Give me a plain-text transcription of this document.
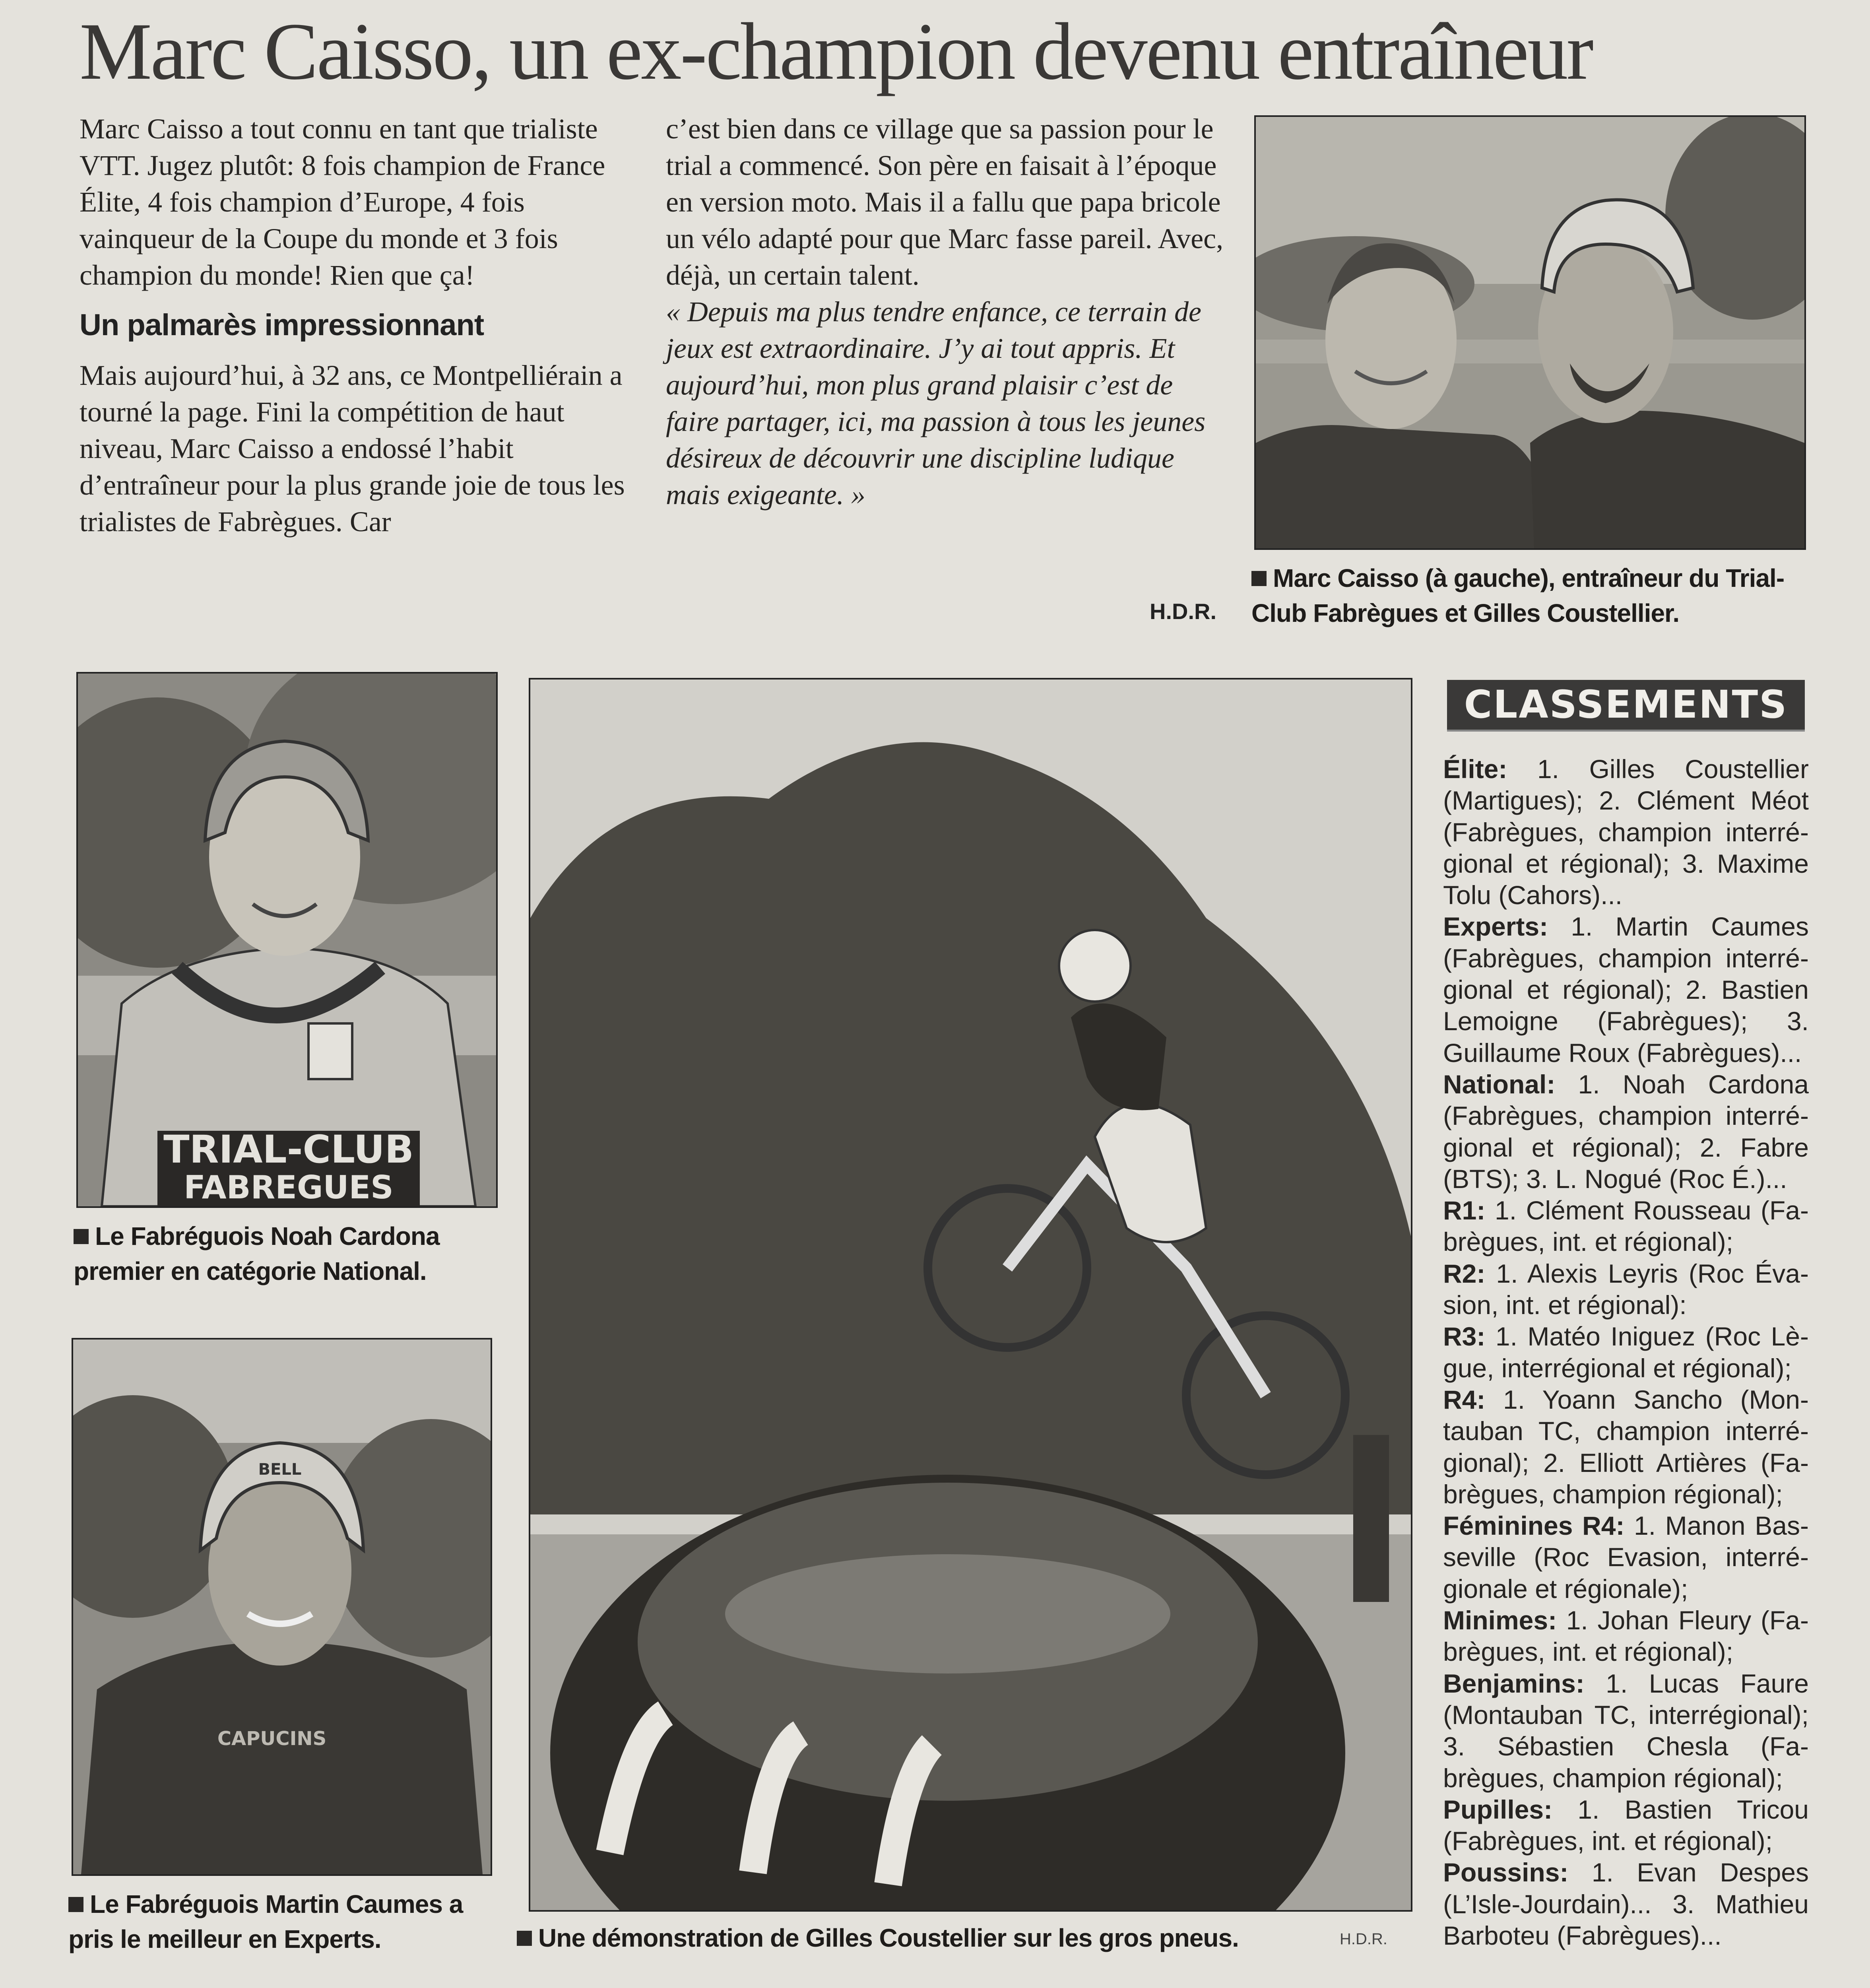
Marc Caisso, un ex-champion devenu entraîneur

Marc Caisso a tout connu en tant que trialiste VTT. Jugez plutôt: 8 fois champion de France Élite, 4 fois champion d’Europe, 4 fois vainqueur de la Coupe du monde et 3 fois champion du monde! Rien que ça!

Un palmarès impressionnant

Mais aujourd’hui, à 32 ans, ce Montpelliérain a tourné la page. Fini la compétition de haut niveau, Marc Caisso a endossé l’habit d’entraîneur pour la plus grande joie de tous les trialistes de Fabrègues. Car

c’est bien dans ce village que sa passion pour le trial a commencé. Son père en faisait à l’époque en version moto. Mais il a fallu que papa bricole un vélo adapté pour que Marc fasse pareil. Avec, déjà, un certain talent.

« Depuis ma plus tendre enfance, ce terrain de jeux est extraordinaire. J’y ai tout appris. Et aujourd’hui, mon plus grand plaisir c’est de faire partager, ici, ma passion à tous les jeunes désireux de découvrir une discipline ludique mais exigeante. »

H.D.R.
Marc Caisso (à gauche), entraîneur du Trial-Club Fabrègues et Gilles Coustellier.
TRIAL-CLUB
FABREGUES
Le Fabréguois Noah Cardona premier en catégorie National.
BELL
CAPUCINS
Le Fabréguois Martin Caumes a pris le meilleur en Experts.	Une démonstration de Gilles Coustellier sur les gros pneus.	H.D.R.
CLASSEMENTS

Élite: 1. Gilles Coustellier (Martigues); 2. Clément Méot (Fabrègues, champion interrégional et régional); 3. Maxime Tolu (Cahors)...

Experts: 1. Martin Caumes (Fabrègues, champion interrégional et régional); 2. Bastien Lemoigne (Fabrègues); 3. Guillaume Roux (Fabrègues)...

National: 1. Noah Cardona (Fabrègues, champion interrégional et régional); 2. Fabre (BTS); 3. L. Nogué (Roc É.)...

R1: 1. Clément Rousseau (Fabrègues, int. et régional);

R2: 1. Alexis Leyris (Roc Évasion, int. et régional):

R3: 1. Matéo Iniguez (Roc Lègue, interrégional et régional);

R4: 1. Yoann Sancho (Montauban TC, champion interrégional); 2. Elliott Artières (Fabrègues, champion régional);

Féminines R4: 1. Manon Basseville (Roc Evasion, interrégionale et régionale);

Minimes: 1. Johan Fleury (Fabrègues, int. et régional);

Benjamins: 1. Lucas Faure (Montauban TC, interrégional); 3. Sébastien Chesla (Fabrègues, champion régional);

Pupilles: 1. Bastien Tricou (Fabrègues, int. et régional);

Poussins: 1. Evan Despes (L’Isle-Jourdain)... 3. Mathieu Barboteu (Fabrègues)...
